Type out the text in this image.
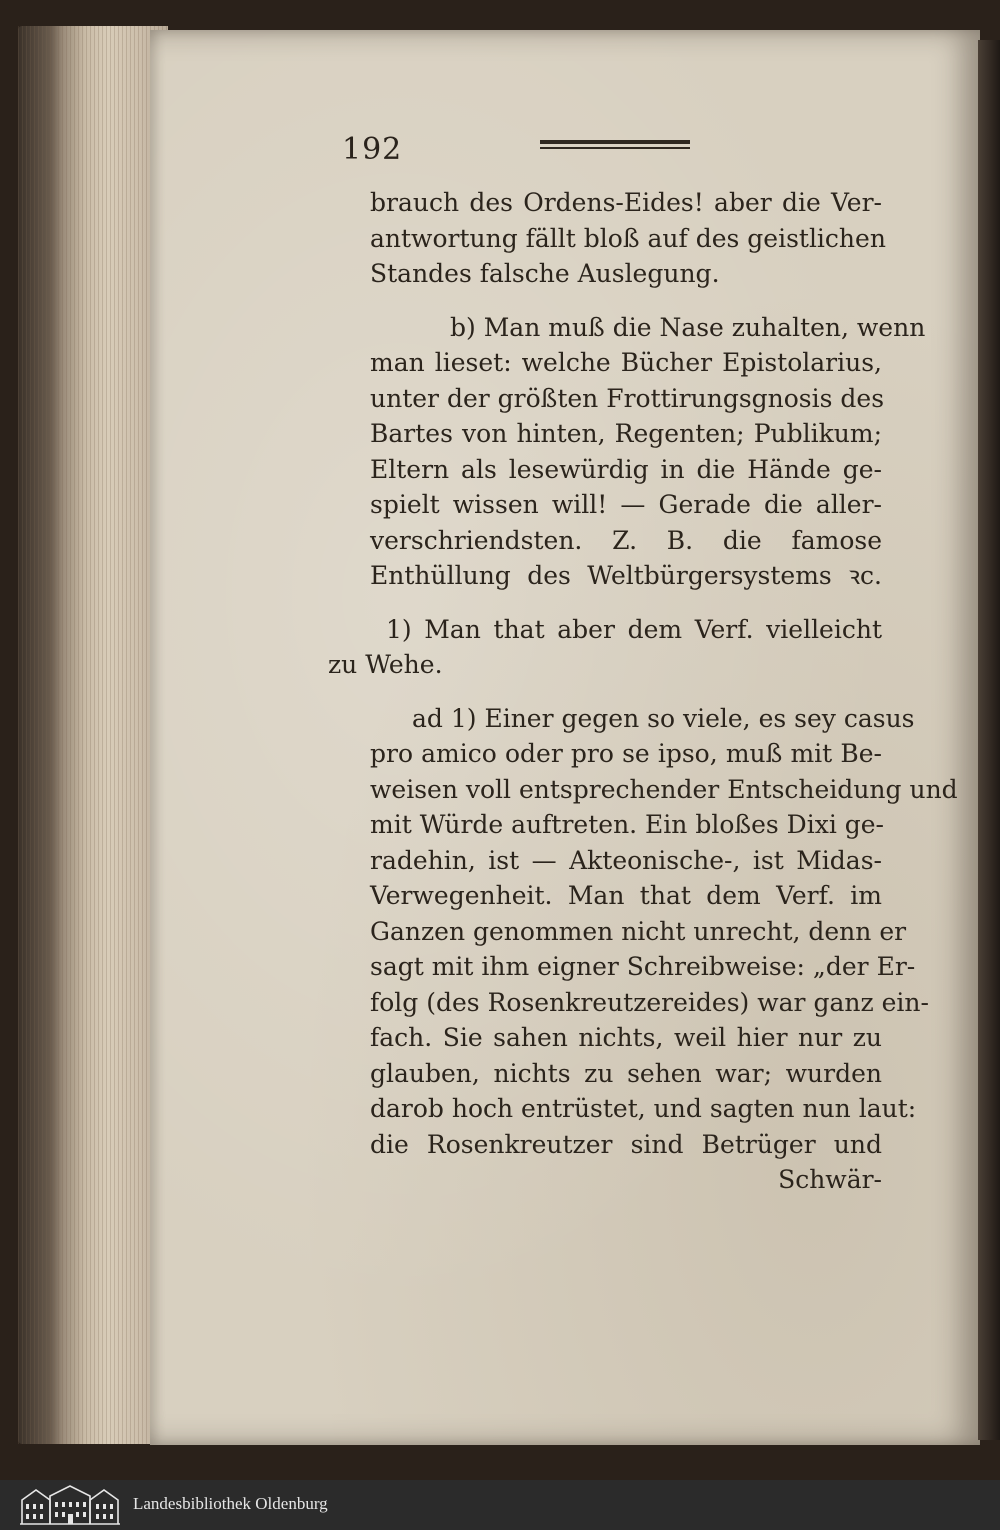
192
brauch des Ordens-Eides! aber die Ver-
antwortung fällt bloß auf des geistlichen
Standes falsche Auslegung.
b) Man muß die Nase zuhalten, wenn
man lieset: welche Bücher Epistolarius,
unter der größten Frottirungsgnosis des
Bartes von hinten, Regenten; Publikum;
Eltern als lesewürdig in die Hände ge-
spielt wissen will! — Gerade die aller-
verschriendsten. Z. B. die famose
Enthüllung des Weltbürgersystems ꝛc.
1) Man that aber dem Verf. vielleicht
zu Wehe.
ad 1) Einer gegen so viele, es sey casus
pro amico oder pro se ipso, muß mit Be-
weisen voll entsprechender Entscheidung und
mit Würde auftreten. Ein bloßes Dixi ge-
radehin, ist — Akteonische-, ist Midas-
Verwegenheit. Man that dem Verf. im
Ganzen genommen nicht unrecht, denn er
sagt mit ihm eigner Schreibweise: „der Er-
folg (des Rosenkreutzereides) war ganz ein-
fach. Sie sahen nichts, weil hier nur zu
glauben, nichts zu sehen war; wurden
darob hoch entrüstet, und sagten nun laut:
die Rosenkreutzer sind Betrüger und
Schwär-
Landesbibliothek Oldenburg
